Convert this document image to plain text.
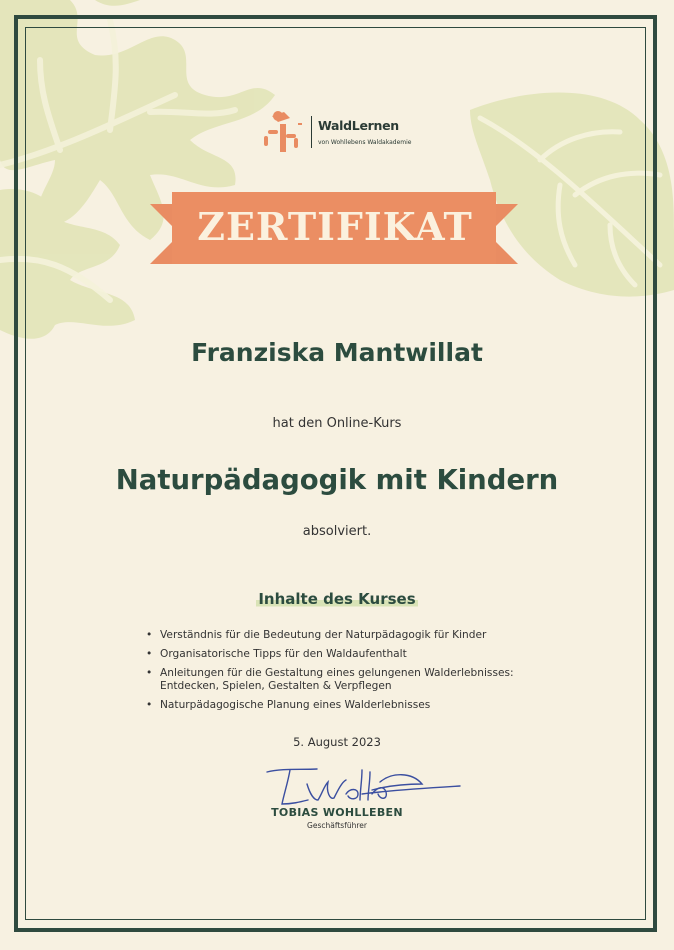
WaldLernen
von Wohllebens Waldakademie
ZERTIFIKAT
Franziska Mantwillat
hat den Online-Kurs
Naturpädagogik mit Kindern
absolviert.
Inhalte des Kurses
• Verständnis für die Bedeutung der Naturpädagogik für Kinder
• Organisatorische Tipps für den Waldaufenthalt
• Anleitungen für die Gestaltung eines gelungenen Walderlebnisses:
Entdecken, Spielen, Gestalten & Verpflegen
• Naturpädagogische Planung eines Walderlebnisses
5. August 2023
TOBIAS WOHLLEBEN
Geschäftsführer
